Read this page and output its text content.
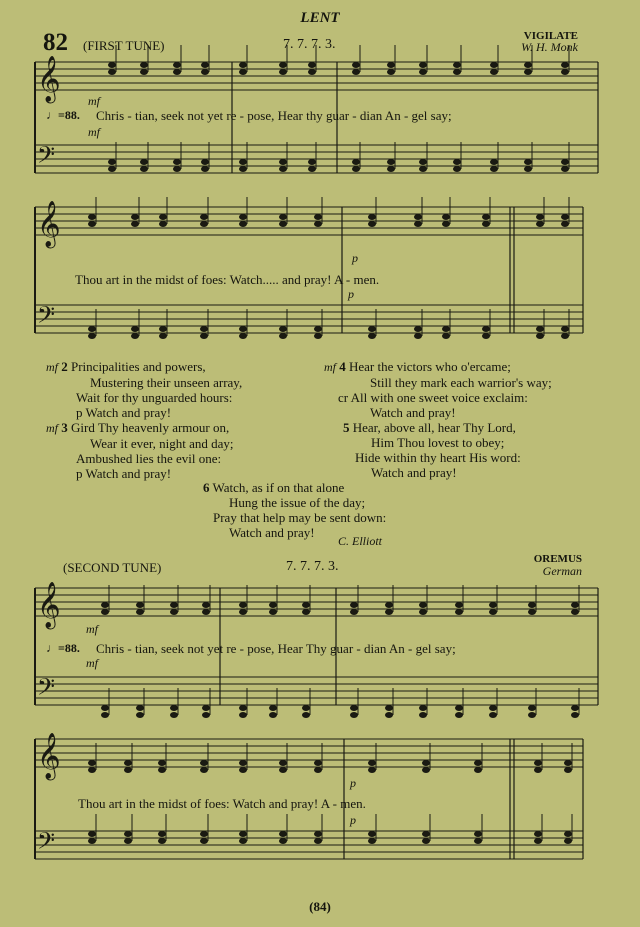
LENT
82 (FIRST TUNE)	7. 7. 7. 3.
VIGILATE
W. H. Monk
𝄞
𝄢
𝄞
𝄢
𝄞
𝄢
𝄞
𝄢
mf
♩=88. Chris - tian, seek not yet re - pose, Hear thy guar - dian An - gel say;
mf
p
Thou art in the midst of foes: Watch..... and pray! A - men.
p
mf 2 Principalities and powers,
Mustering their unseen array,
Wait for thy unguarded hours:
p Watch and pray!
mf 3 Gird Thy heavenly armour on,
Wear it ever, night and day;
Ambushed lies the evil one:
p Watch and pray!
mf 4 Hear the victors who o'ercame;
Still they mark each warrior's way;
cr All with one sweet voice exclaim:
Watch and pray!
5 Hear, above all, hear Thy Lord,
Him Thou lovest to obey;
Hide within thy heart His word:
Watch and pray!
6 Watch, as if on that alone
Hung the issue of the day;
Pray that help may be sent down:
Watch and pray!
C. Elliott
(SECOND TUNE)	7. 7. 7. 3.	OREMUS
German
mf
♩=88. Chris - tian, seek not yet re - pose, Hear Thy guar - dian An - gel say;
mf
p
Thou art in the midst of foes: Watch and pray! A - men.
p
(84)
